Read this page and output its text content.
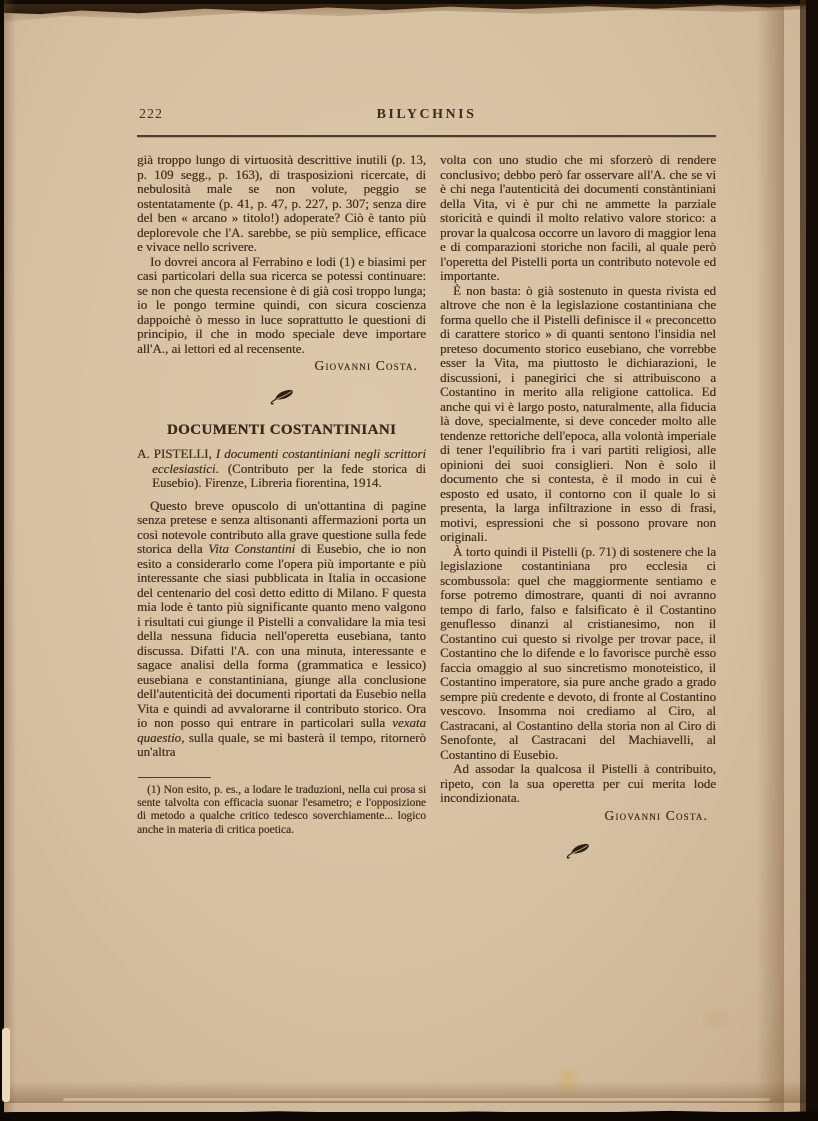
222	BILYCHNIS

già troppo lungo di virtuosità descrittive inutili (p. 13, p. 109 segg., p. 163), di trasposizioni ricercate, di nebulosità male se non volute, peggio se ostentatamente (p. 41, p. 47, p. 227, p. 307; senza dire del ben « arcano » titolo!) adoperate? Ciò è tanto più deplorevole che l'A. sarebbe, se più semplice, efficace e vivace nello scrivere.

Io dovrei ancora al Ferrabino e lodi (1) e biasimi per casi particolari della sua ricerca se potessi continuare: se non che questa recensione è di già così troppo lunga; io le pongo termine quindi, con sicura coscienza dappoichè ò messo in luce soprattutto le questioni di principio, il che in modo speciale deve importare all'A., ai lettori ed al recensente.

Giovanni Costa.
DOCUMENTI COSTANTINIANI

A. PISTELLI, I documenti costantiniani negli scrittori ecclesiastici. (Contributo per la fede storica di Eusebio). Firenze, Libreria fiorentina, 1914.

Questo breve opuscolo di un'ottantina di pagine senza pretese e senza altisonanti affermazioni porta un così notevole contributo alla grave questione sulla fede storica della Vita Constantini di Eusebio, che io non esito a considerarlo come l'opera più importante e più interessante che siasi pubblicata in Italia in occasione del centenario del così detto editto di Milano. F questa mia lode è tanto più significante quanto meno valgono i risultati cui giunge il Pistelli a convalidare la mia tesi della nessuna fiducia nell'operetta eusebiana, tanto discussa. Difatti l'A. con una minuta, interessante e sagace analisi della forma (grammatica e lessico) eusebiana e constantiniana, giunge alla conclusione dell'autenticità dei documenti riportati da Eusebio nella Vita e quindi ad avvalorarne il contributo storico. Ora io non posso qui entrare in particolari sulla vexata quaestio, sulla quale, se mi basterà il tempo, ritornerò un'altra

(1) Non esito, p. es., a lodare le traduzioni, nella cui prosa si sente talvolta con efficacia suonar l'esametro; e l'opposizione di metodo a qualche critico tedesco soverchiamente... logico anche in materia di critica poetica.

volta con uno studio che mi sforzerò di rendere conclusivo; debbo però far osservare all'A. che se vi è chi nega l'autenticità dei documenti constàntiniani della Vita, vi è pur chi ne ammette la parziale storicità e quindi il molto relativo valore storico: a provar la qualcosa occorre un lavoro di maggior lena e di comparazioni storiche non facili, al quale però l'operetta del Pistelli porta un contributo notevole ed importante.

È non basta: ò già sostenuto in questa rivista ed altrove che non è la legislazione costantiniana che forma quello che il Pistelli definisce il « preconcetto di carattere storico » di quanti sentono l'insidia nel preteso documento storico eusebiano, che vorrebbe esser la Vita, ma piuttosto le dichiarazioni, le discussioni, i panegirici che si attribuiscono a Costantino in merito alla religione cattolica. Ed anche qui vi è largo posto, naturalmente, alla fiducia là dove, specialmente, si deve conceder molto alle tendenze rettoriche dell'epoca, alla volontà imperiale di tener l'equilibrio fra i vari partiti religiosi, alle opinioni dei suoi consiglieri. Non è solo il documento che si contesta, è il modo in cui è esposto ed usato, il contorno con il quale lo si presenta, la larga infiltrazione in esso di frasi, motivi, espressioni che si possono provare non originali.

À torto quindi il Pistelli (p. 71) di sostenere che la legislazione costantiniana pro ecclesia ci scombussola: quel che maggiormente sentiamo e forse potremo dimostrare, quanti di noi avranno tempo di farlo, falso e falsificato è il Costantino genuflesso dinanzi al cristianesimo, non il Costantino cui questo si rivolge per trovar pace, il Costantino che lo difende e lo favorisce purchè esso faccia omaggio al suo sincretismo monoteistico, il Costantino imperatore, sia pure anche grado a grado sempre più credente e devoto, di fronte al Costantino vescovo. Insomma noi crediamo al Ciro, al Castracani, al Costantino della storia non al Ciro di Senofonte, al Castracani del Machiavelli, al Costantino di Eusebio.

Ad assodar la qualcosa il Pistelli à contribuito, ripeto, con la sua operetta per cui merita lode incondizionata.

Giovanni Costa.
